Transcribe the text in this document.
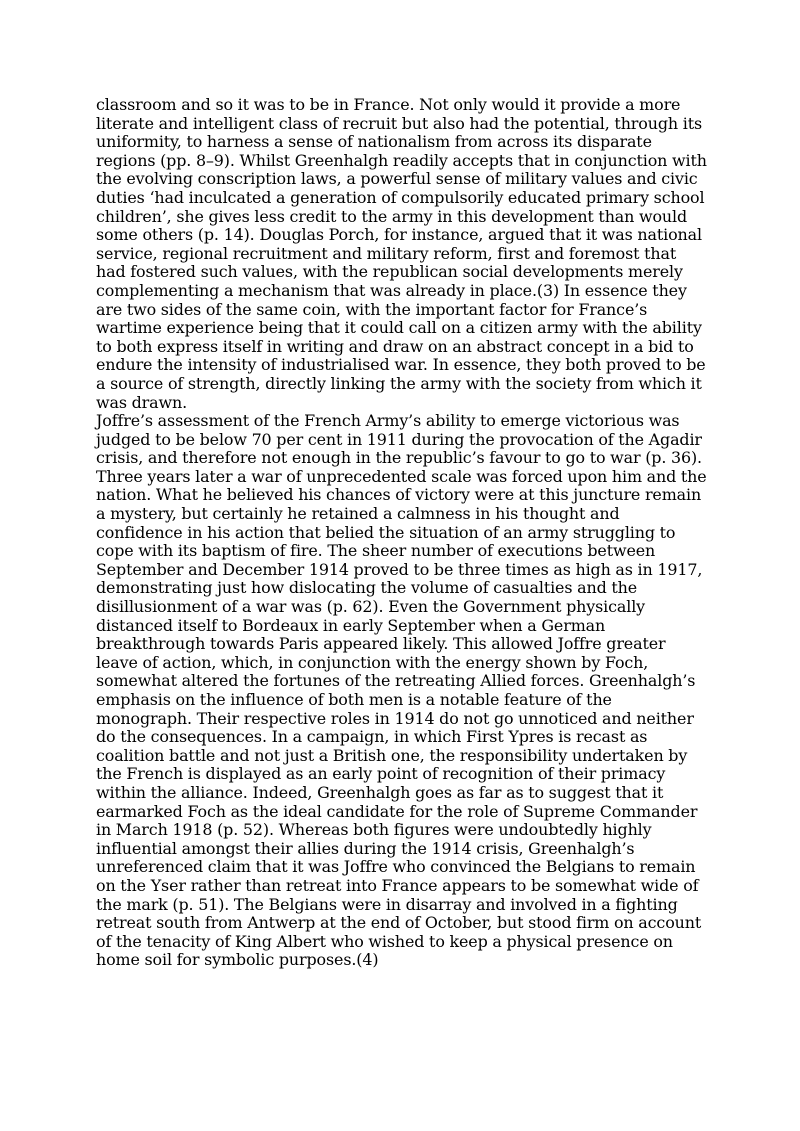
classroom and so it was to be in France. Not only would it provide a more literate and intelligent class of recruit but also had the potential, through its uniformity, to harness a sense of nationalism from across its disparate regions (pp. 8–9). Whilst Greenhalgh readily accepts that in conjunction with the evolving conscription laws, a powerful sense of military values and civic duties ‘had inculcated a generation of compulsorily educated primary school children’, she gives less credit to the army in this development than would some others (p. 14). Douglas Porch, for instance, argued that it was national service, regional recruitment and military reform, first and foremost that had fostered such values, with the republican social developments merely complementing a mechanism that was already in place.(3) In essence they are two sides of the same coin, with the important factor for France’s wartime experience being that it could call on a citizen army with the ability to both express itself in writing and draw on an abstract concept in a bid to endure the intensity of industrialised war. In essence, they both proved to be a source of strength, directly linking the army with the society from which it was drawn.

Joffre’s assessment of the French Army’s ability to emerge victorious was judged to be below 70 per cent in 1911 during the provocation of the Agadir crisis, and therefore not enough in the republic’s favour to go to war (p. 36). Three years later a war of unprecedented scale was forced upon him and the nation. What he believed his chances of victory were at this juncture remain a mystery, but certainly he retained a calmness in his thought and confidence in his action that belied the situation of an army struggling to cope with its baptism of fire. The sheer number of executions between September and December 1914 proved to be three times as high as in 1917, demonstrating just how dislocating the volume of casualties and the disillusionment of a war was (p. 62). Even the Government physically distanced itself to Bordeaux in early September when a German breakthrough towards Paris appeared likely. This allowed Joffre greater leave of action, which, in conjunction with the energy shown by Foch, somewhat altered the fortunes of the retreating Allied forces. Greenhalgh’s emphasis on the influence of both men is a notable feature of the monograph. Their respective roles in 1914 do not go unnoticed and neither do the consequences. In a campaign, in which First Ypres is recast as coalition battle and not just a British one, the responsibility undertaken by the French is displayed as an early point of recognition of their primacy within the alliance. Indeed, Greenhalgh goes as far as to suggest that it earmarked Foch as the ideal candidate for the role of Supreme Commander in March 1918 (p. 52). Whereas both figures were undoubtedly highly influential amongst their allies during the 1914 crisis, Greenhalgh’s unreferenced claim that it was Joffre who convinced the Belgians to remain on the Yser rather than retreat into France appears to be somewhat wide of the mark (p. 51). The Belgians were in disarray and involved in a fighting retreat south from Antwerp at the end of October, but stood firm on account of the tenacity of King Albert who wished to keep a physical presence on home soil for symbolic purposes.(4)
